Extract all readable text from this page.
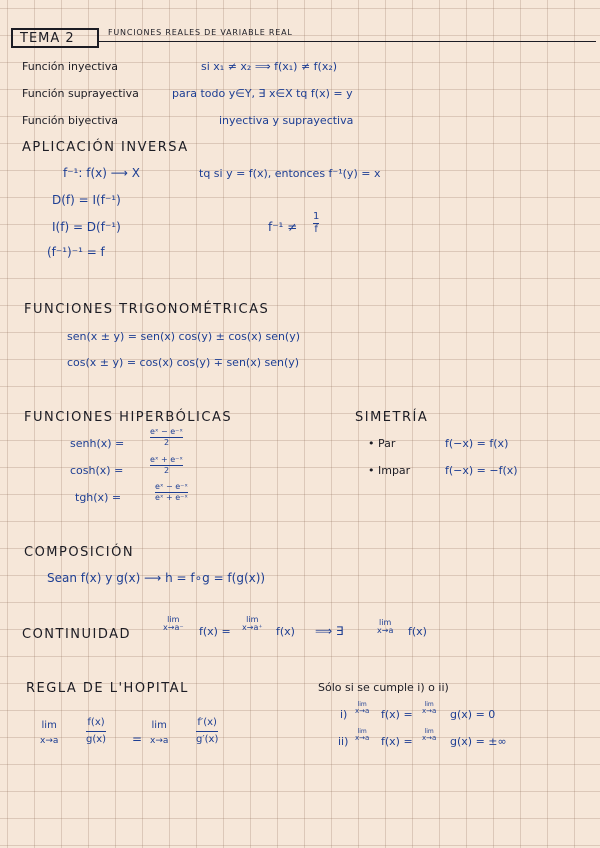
TEMA 2	FUNCIONES REALES DE VARIABLE REAL
Función inyectiva	si x₁ ≠ x₂ ⟹ f(x₁) ≠ f(x₂)
Función suprayectiva	para todo y∈Y, ∃ x∈X tq f(x) = y
Función biyectiva	inyectiva y suprayectiva
APLICACIÓN INVERSA
f⁻¹: f(x) ⟶ X	tq si y = f(x), entonces f⁻¹(y) = x
D(f) = I(f⁻¹)
I(f) = D(f⁻¹)	f⁻¹ ≠
1
f
(f⁻¹)⁻¹ = f
FUNCIONES TRIGONOMÉTRICAS
sen(x ± y) = sen(x) cos(y) ± cos(x) sen(y)
cos(x ± y) = cos(x) cos(y) ∓ sen(x) sen(y)
FUNCIONES HIPERBÓLICAS
senh(x) =
eˣ − e⁻ˣ
2
cosh(x) =
eˣ + e⁻ˣ
2
tgh(x) =
eˣ − e⁻ˣ
eˣ + e⁻ˣ
SIMETRÍA
• Par	f(−x) = f(x)
• Impar	f(−x) = −f(x)
COMPOSICIÓN
Sean f(x) y g(x) ⟶ h = f∘g = f(g(x))
CONTINUIDAD
lim
x→a⁻ f(x) =
lim
x→a⁺ f(x) ⟹ ∃
lim
x→a f(x)
REGLA DE L'HOPITAL
lim
x→a
f(x)
g(x) =
lim
x→a
f′(x)
g′(x)
Sólo si se cumple i) o ii)
i)
lim
x→a f(x) =
lim
x→a g(x) = 0
ii)
lim
x→a f(x) =
lim
x→a g(x) = ±∞
